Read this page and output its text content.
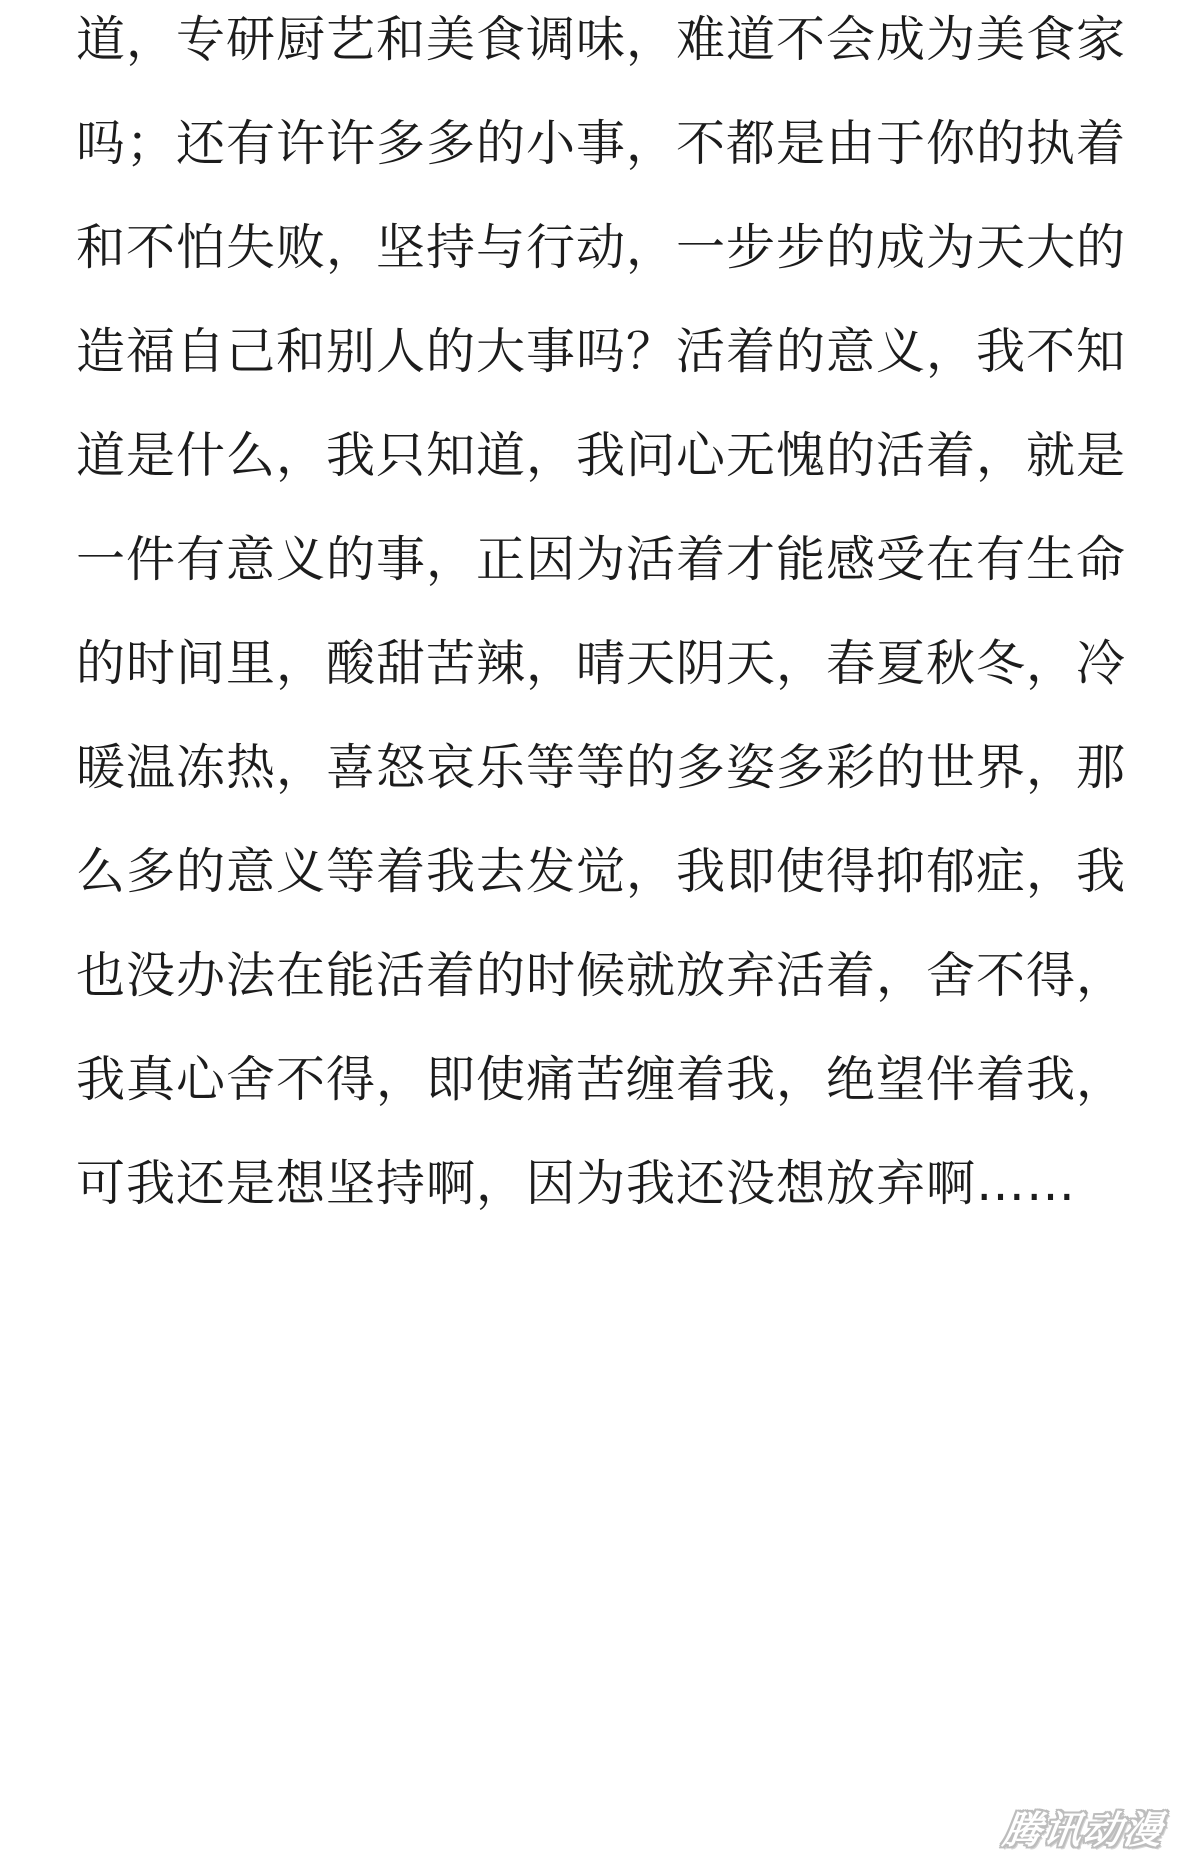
道，专研厨艺和美食调味，难道不会成为美食家
吗；还有许许多多的小事，不都是由于你的执着
和不怕失败，坚持与行动，一步步的成为天大的
造福自己和别人的大事吗？活着的意义，我不知
道是什么，我只知道，我问心无愧的活着，就是
一件有意义的事，正因为活着才能感受在有生命
的时间里，酸甜苦辣，晴天阴天，春夏秋冬，冷
暖温冻热，喜怒哀乐等等的多姿多彩的世界，那
么多的意义等着我去发觉，我即使得抑郁症，我
也没办法在能活着的时候就放弃活着，舍不得，
我真心舍不得，即使痛苦缠着我，绝望伴着我，
可我还是想坚持啊，因为我还没想放弃啊……
腾讯动漫
